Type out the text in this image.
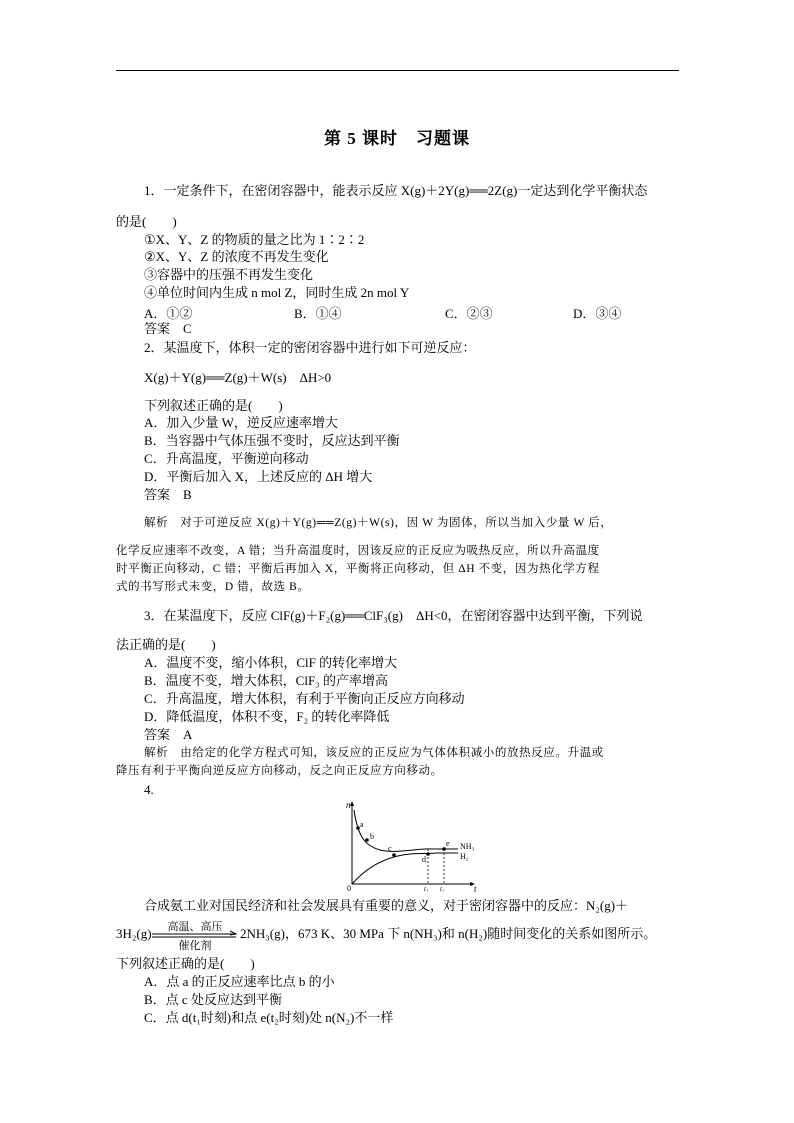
第 5 课时　习题课
1．一定条件下，在密闭容器中，能表示反应 X(g)＋2Y(g)══2Z(g)一定达到化学平衡状态
的是(　　)
①X、Y、Z 的物质的量之比为 1∶2∶2
②X、Y、Z 的浓度不再发生变化
③容器中的压强不再发生变化
④单位时间内生成 n mol Z，同时生成 2n mol Y
A．①②	B．①④	C．②③	D．③④
答案　C
2．某温度下，体积一定的密闭容器中进行如下可逆反应：
X(g)＋Y(g)══Z(g)＋W(s)　ΔH>0
下列叙述正确的是(　　)
A．加入少量 W，逆反应速率增大
B．当容器中气体压强不变时，反应达到平衡
C．升高温度，平衡逆向移动
D．平衡后加入 X，上述反应的 ΔH 增大
答案　B
解析　对于可逆反应 X(g)＋Y(g)══Z(g)＋W(s)，因 W 为固体，所以当加入少量 W 后，
化学反应速率不改变，A 错；当升高温度时，因该反应的正反应为吸热反应，所以升高温度
时平衡正向移动，C 错；平衡后再加入 X，平衡将正向移动，但 ΔH 不变，因为热化学方程
式的书写形式未变，D 错，故选 B。
3．在某温度下，反应 ClF(g)＋F₂(g)══ClF₃(g)　ΔH<0，在密闭容器中达到平衡，下列说
法正确的是(　　)
A．温度不变，缩小体积，ClF 的转化率增大
B．温度不变，增大体积，ClF₃ 的产率增高
C．升高温度，增大体积，有利于平衡向正反应方向移动
D．降低温度，体积不变，F₂ 的转化率降低
答案　A
解析　由给定的化学方程式可知，该反应的正反应为气体体积减小的放热反应。升温或
降压有利于平衡向逆反应方向移动，反之向正反应方向移动。
4.
n
t
0
a
b
c
d
e NH₃
H₂
t₁ t₂
合成氨工业对国民经济和社会发展具有重要的意义，对于密闭容器中的反应：N₂(g)＋
3H₂(g) 高温、高压
催化剂
2NH₃(g)，673 K、30 MPa 下 n(NH₃)和 n(H₂)随时间变化的关系如图所示。
下列叙述正确的是(　　)
A．点 a 的正反应速率比点 b 的小
B．点 c 处反应达到平衡
C．点 d(t₁时刻)和点 e(t₂时刻)处 n(N₂)不一样
